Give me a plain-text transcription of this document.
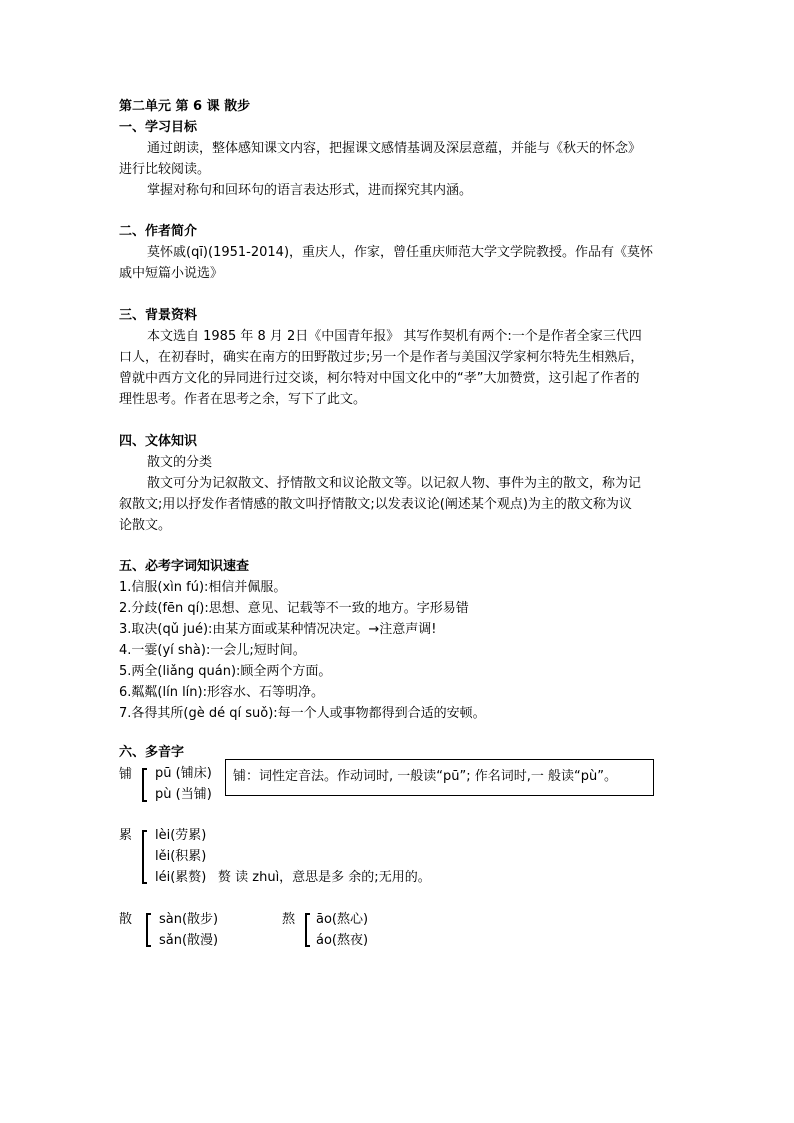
第二单元 第 6 课 散步
一、学习目标
通过朗读，整体感知课文内容，把握课文感情基调及深层意蕴，并能与《秋天的怀念》
进行比较阅读。
掌握对称句和回环句的语言表达形式，进而探究其内涵。
二、作者简介
莫怀戚(qī)(1951-2014)，重庆人，作家，曾任重庆师范大学文学院教授。作品有《莫怀
戚中短篇小说选》
三、背景资料
本文选自 1985 年 8 月 2日《中国青年报》 其写作契机有两个:一个是作者全家三代四
口人，在初春时，确实在南方的田野散过步;另一个是作者与美国汉学家柯尔特先生相熟后，
曾就中西方文化的异同进行过交谈，柯尔特对中国文化中的“孝”大加赞赏，这引起了作者的
理性思考。作者在思考之余，写下了此文。
四、文体知识
散文的分类
散文可分为记叙散文、抒情散文和议论散文等。以记叙人物、事件为主的散文，称为记
叙散文;用以抒发作者情感的散文叫抒情散文;以发表议论(阐述某个观点)为主的散文称为议
论散文。
五、必考字词知识速查
1.信服(xìn fú):相信并佩服。
2.分歧(fēn qí):思想、意见、记载等不一致的地方。字形易错
3.取决(qǔ jué):由某方面或某种情况决定。→注意声调!
4.一霎(yí shà):一会儿;短时间。
5.两全(liǎng quán):顾全两个方面。
6.粼粼(lín lín):形容水、石等明净。
7.各得其所(gè dé qí suǒ):每一个人或事物都得到合适的安顿。
六、多音字
铺 pū (铺床)
pù (当铺)
铺：词性定音法。作动词时, 一般读“pū”; 作名词时,一 般读“pù”。
累 lèi(劳累)
lěi(积累)
léi(累赘) 赘 读 zhuì，意思是多 余的;无用的。
散 sàn(散步)
sǎn(散漫)
熬 āo(熬心)
áo(熬夜)
